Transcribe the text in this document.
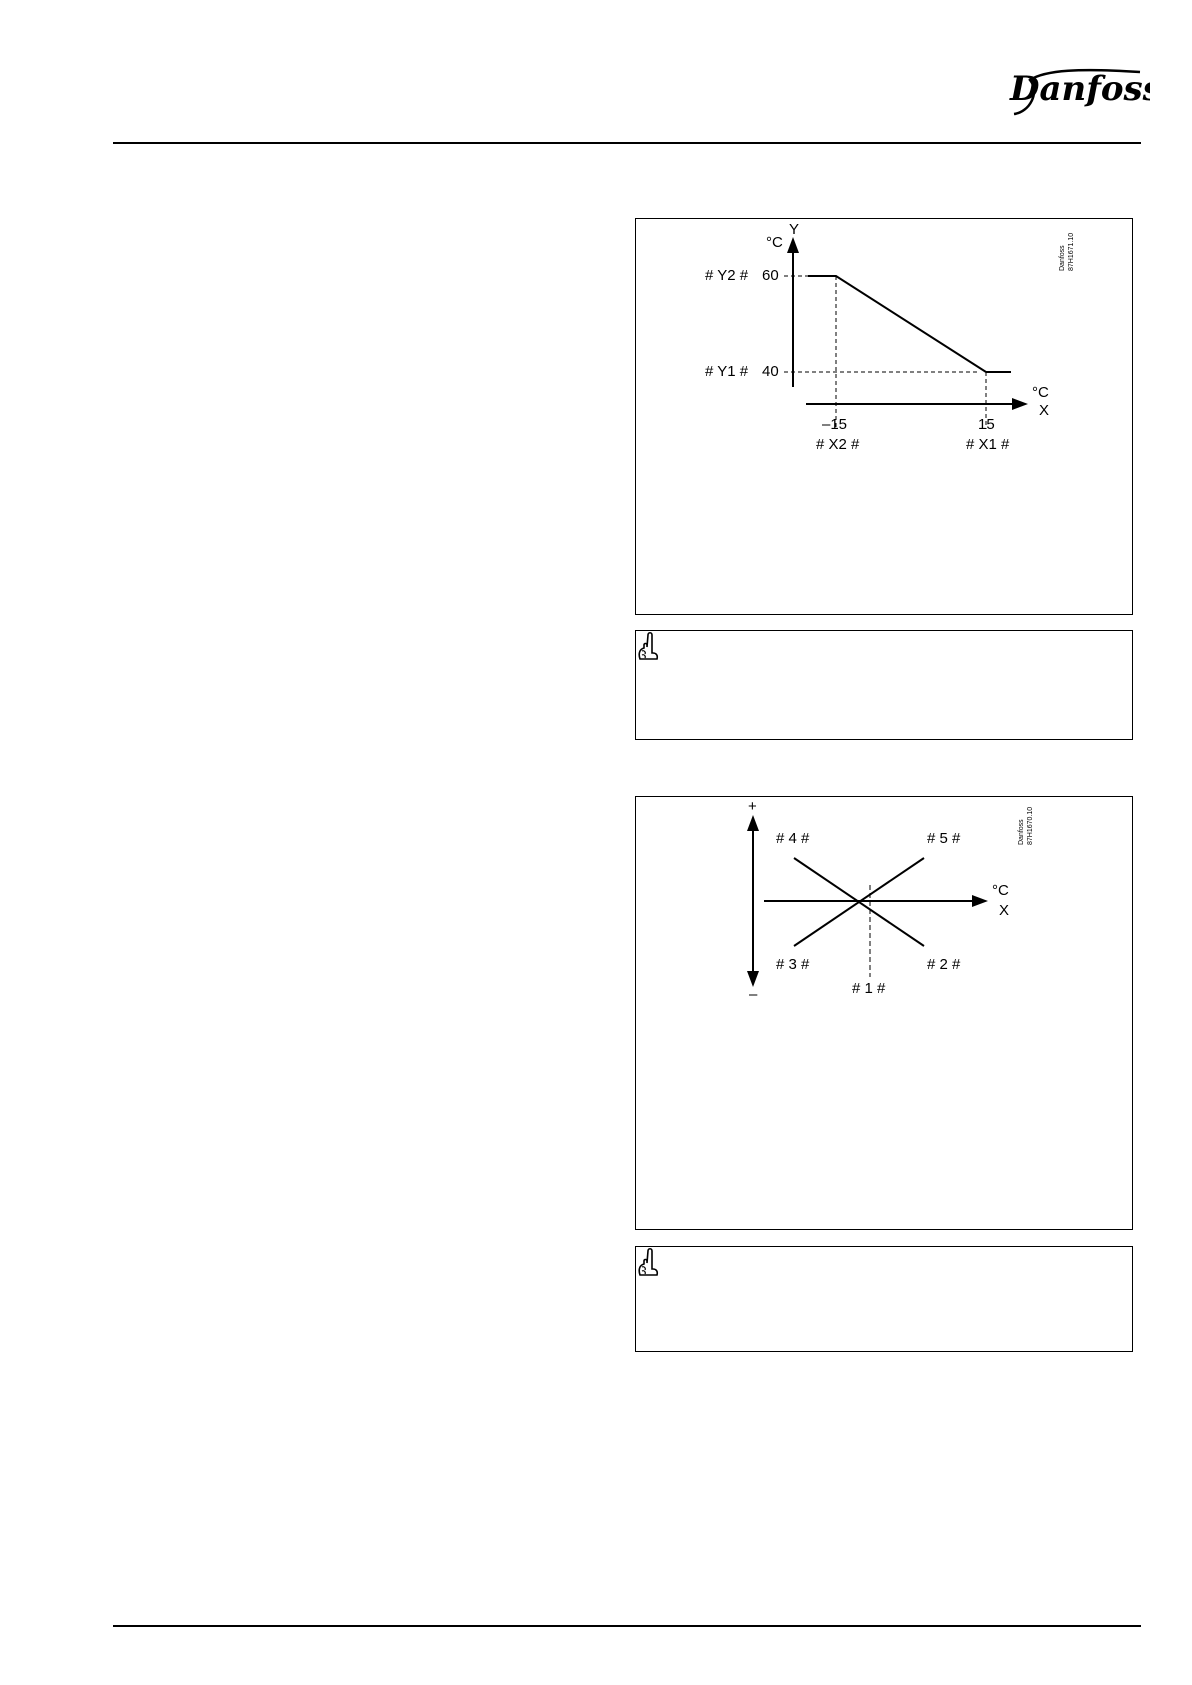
Danfoss
°C
Y
# Y2 # 60
# Y1 # 40
°C
X
–15
# X2 #
15
# X1 #

Danfoss 87H1671.10

+
–
# 4 #	# 5 #
# 3 #	# 2 #
# 1 #
°C
X

Danfoss 87H1670.10
